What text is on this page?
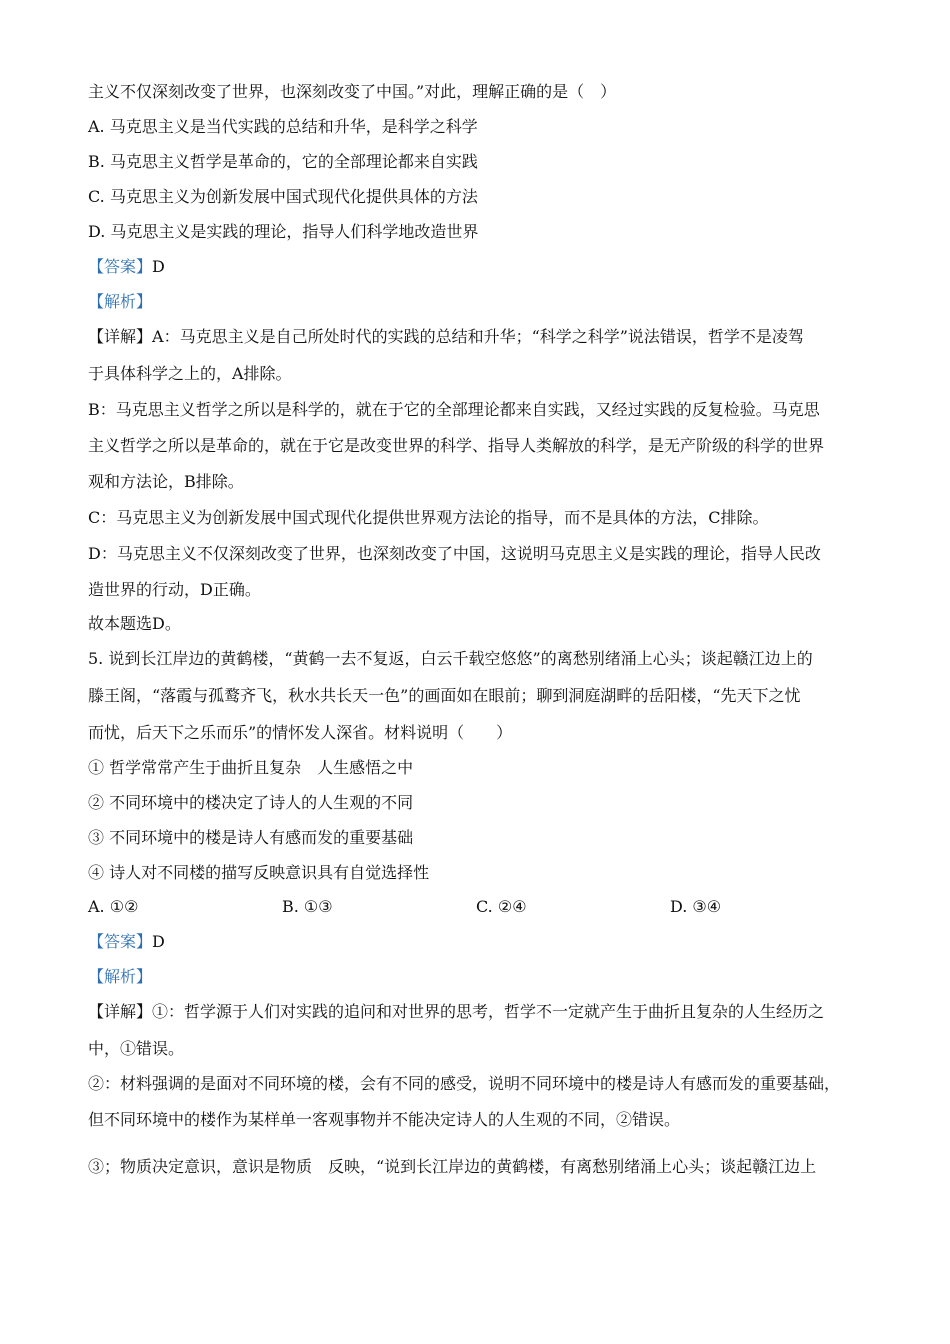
主义不仅深刻改变了世界，也深刻改变了中国。”对此，理解正确的是（　）
A. 马克思主义是当代实践的总结和升华，是科学之科学
B. 马克思主义哲学是革命的，它的全部理论都来自实践
C. 马克思主义为创新发展中国式现代化提供具体的方法
D. 马克思主义是实践的理论，指导人们科学地改造世界
【答案】D
【解析】
【详解】A：马克思主义是自己所处时代的实践的总结和升华；“科学之科学”说法错误，哲学不是凌驾
于具体科学之上的，A排除。
B：马克思主义哲学之所以是科学的，就在于它的全部理论都来自实践，又经过实践的反复检验。马克思
主义哲学之所以是革命的，就在于它是改变世界的科学、指导人类解放的科学，是无产阶级的科学的世界
观和方法论，B排除。
C：马克思主义为创新发展中国式现代化提供世界观方法论的指导，而不是具体的方法，C排除。
D：马克思主义不仅深刻改变了世界，也深刻改变了中国，这说明马克思主义是实践的理论，指导人民改
造世界的行动，D正确。
故本题选D。
5. 说到长江岸边的黄鹤楼，“黄鹤一去不复返，白云千载空悠悠”的离愁别绪涌上心头；谈起赣江边上的
滕王阁，“落霞与孤鹜齐飞，秋水共长天一色”的画面如在眼前；聊到洞庭湖畔的岳阳楼，“先天下之忧
而忧，后天下之乐而乐”的情怀发人深省。材料说明（　　）
① 哲学常常产生于曲折且复杂　人生感悟之中
② 不同环境中的楼决定了诗人的人生观的不同
③ 不同环境中的楼是诗人有感而发的重要基础
④ 诗人对不同楼的描写反映意识具有自觉选择性
A. ①②	B. ①③	C. ②④	D. ③④
【答案】D
【解析】
【详解】①：哲学源于人们对实践的追问和对世界的思考，哲学不一定就产生于曲折且复杂的人生经历之
中，①错误。
②：材料强调的是面对不同环境的楼，会有不同的感受，说明不同环境中的楼是诗人有感而发的重要基础，
但不同环境中的楼作为某样单一客观事物并不能决定诗人的人生观的不同，②错误。
③；物质决定意识，意识是物质　反映，“说到长江岸边的黄鹤楼，有离愁别绪涌上心头；谈起赣江边上
